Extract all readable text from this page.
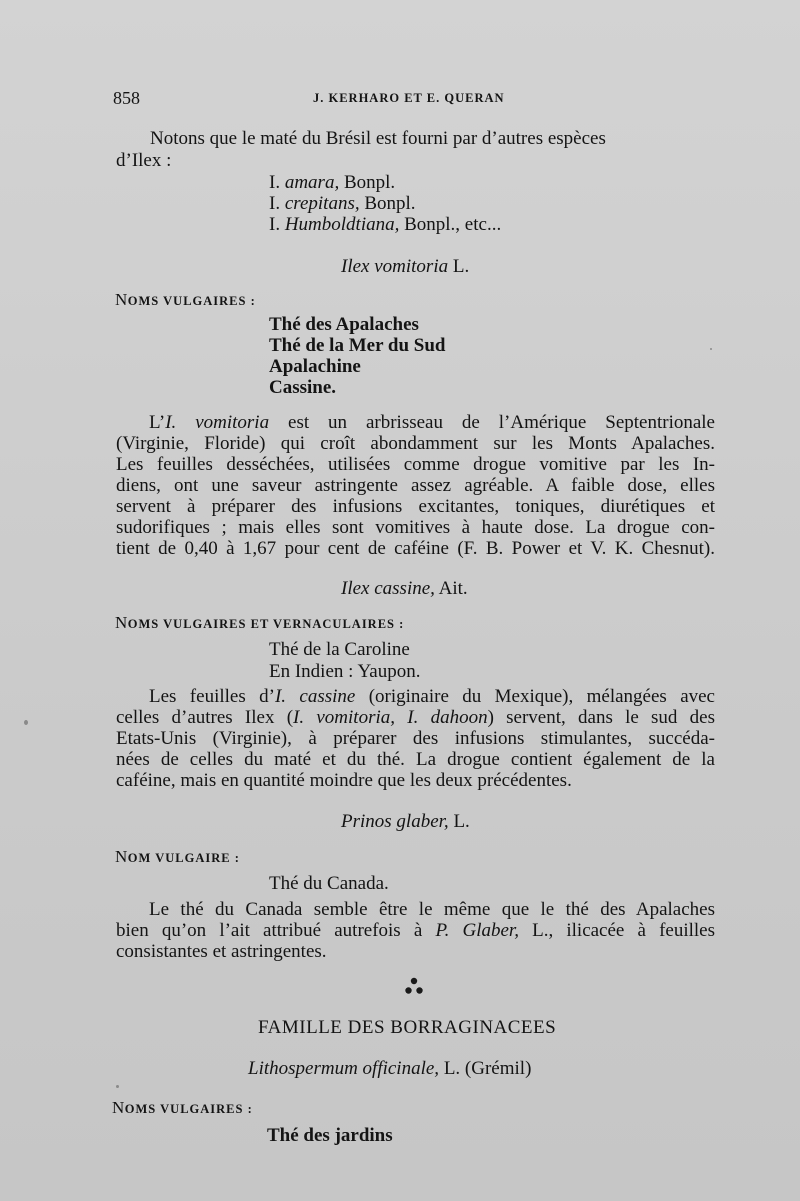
858	J. KERHARO ET E. QUERAN
Notons que le maté du Brésil est fourni par d’autres espèces
d’Ilex :
I. amara, Bonpl.
I. crepitans, Bonpl.
I. Humboldtiana, Bonpl., etc...
Ilex vomitoria L.
NOMS VULGAIRES :
Thé des Apalaches
Thé de la Mer du Sud
Apalachine
Cassine.
L’I. vomitoria est un arbrisseau de l’Amérique Septentrionale
(Virginie, Floride) qui croît abondamment sur les Monts Apalaches.
Les feuilles desséchées, utilisées comme drogue vomitive par les In-
diens, ont une saveur astringente assez agréable. A faible dose, elles
servent à préparer des infusions excitantes, toniques, diurétiques et
sudorifiques ; mais elles sont vomitives à haute dose. La drogue con-
tient de 0,40 à 1,67 pour cent de caféine (F. B. Power et V. K. Chesnut).
Ilex cassine, Ait.
NOMS VULGAIRES ET VERNACULAIRES :
Thé de la Caroline
En Indien : Yaupon.
Les feuilles d’I. cassine (originaire du Mexique), mélangées avec
celles d’autres Ilex (I. vomitoria, I. dahoon) servent, dans le sud des
Etats-Unis (Virginie), à préparer des infusions stimulantes, succéda-
nées de celles du maté et du thé. La drogue contient également de la
caféine, mais en quantité moindre que les deux précédentes.
Prinos glaber, L.
NOM VULGAIRE :
Thé du Canada.
Le thé du Canada semble être le même que le thé des Apalaches
bien qu’on l’ait attribué autrefois à P. Glaber, L., ilicacée à feuilles
consistantes et astringentes.
FAMILLE DES BORRAGINACEES
Lithospermum officinale, L. (Grémil)
NOMS VULGAIRES :
Thé des jardins
